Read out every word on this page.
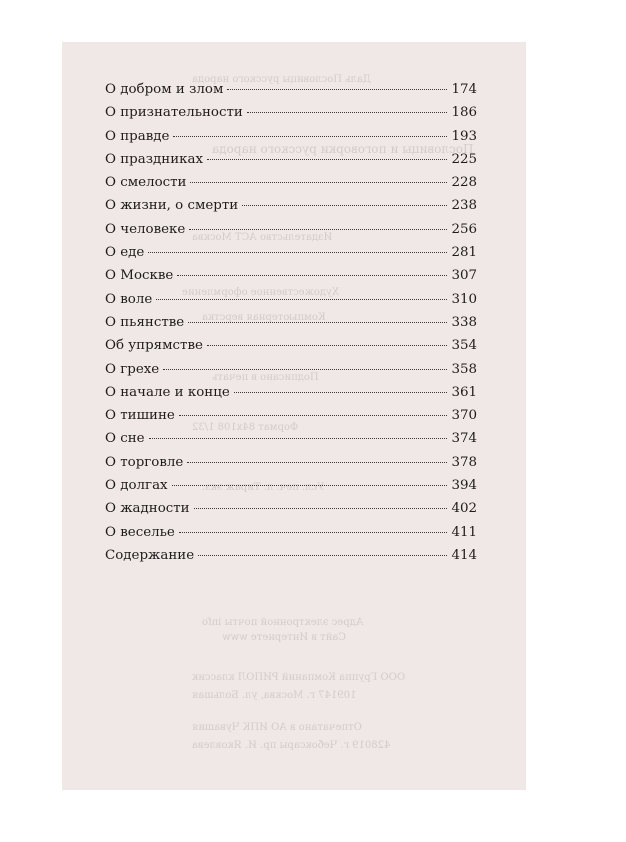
Даль Пословицы русского народа
Пословицы и поговорки русского народа
Издательство АСТ Москва
Художественное оформление
Компьютерная верстка
Подписано в печать
Формат 84x108 1/32
Усл. печ. л. Тираж экз.
Адрес электронной почты info
Сайт в Интернете www
ООО Группа Компаний РИПОЛ классик
109147 г. Москва, ул. Большая
Отпечатано в АО ИПК Чувашия
428019 г. Чебоксары пр. И. Яковлева
О добром и злом	174
О признательности	186
О правде	193
О праздниках	225
О смелости	228
О жизни, о смерти	238
О человеке	256
О еде	281
О Москве	307
О воле	310
О пьянстве	338
Об упрямстве	354
О грехе	358
О начале и конце	361
О тишине	370
О сне	374
О торговле	378
О долгах	394
О жадности	402
О веселье	411
Содержание	414
